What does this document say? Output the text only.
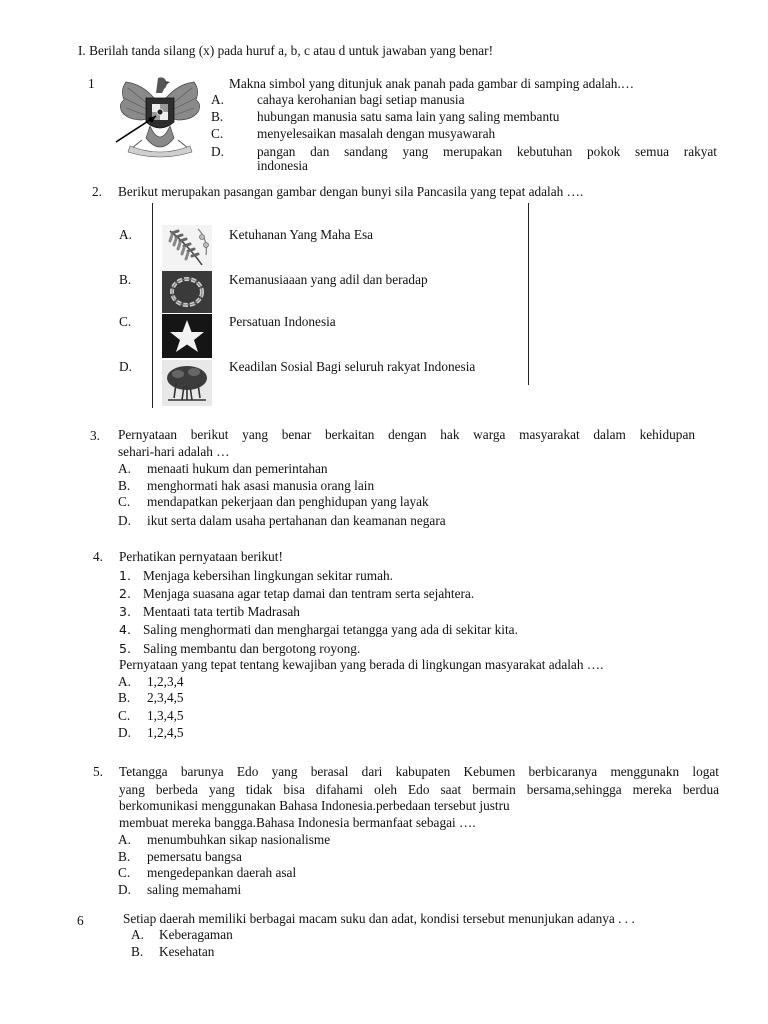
I. Berilah tanda silang (x) pada huruf a, b, c atau d untuk jawaban yang benar!
1	Makna simbol yang ditunjuk anak panah pada gambar di samping adalah.…
A. cahaya kerohanian bagi setiap manusia
B.	hubungan manusia satu sama lain yang saling membantu
C.	menyelesaikan masalah dengan musyawarah
D. pangan dan sandang yang merupakan kebutuhan pokok semua rakyat
indonesia
2. Berikut merupakan pasangan gambar dengan bunyi sila Pancasila yang tepat adalah ….
A.	Ketuhanan Yang Maha Esa
B.	Kemanusiaaan yang adil dan beradap
C.	Persatuan Indonesia
D.	Keadilan Sosial Bagi seluruh rakyat Indonesia
3. Pernyataan berikut yang benar berkaitan dengan hak warga masyarakat dalam kehidupan
sehari-hari adalah …
A. menaati hukum dan pemerintahan
B. menghormati hak asasi manusia orang lain
C. mendapatkan pekerjaan dan penghidupan yang layak
D. ikut serta dalam usaha pertahanan dan keamanan negara
4. Perhatikan pernyataan berikut!
1. Menjaga kebersihan lingkungan sekitar rumah.
2. Menjaga suasana agar tetap damai dan tentram serta sejahtera.
3. Mentaati tata tertib Madrasah
4. Saling menghormati dan menghargai tetangga yang ada di sekitar kita.
5. Saling membantu dan bergotong royong.
Pernyataan yang tepat tentang kewajiban yang berada di lingkungan masyarakat adalah ….
A. 1,2,3,4
B. 2,3,4,5
C. 1,3,4,5
D. 1,2,4,5
5. Tetangga barunya Edo yang berasal dari kabupaten Kebumen berbicaranya menggunakn logat
yang berbeda yang tidak bisa difahami oleh Edo saat bermain bersama,sehingga mereka berdua
berkomunikasi menggunakan Bahasa Indonesia.perbedaan tersebut justru
membuat mereka bangga.Bahasa Indonesia bermanfaat sebagai ….
A. menumbuhkan sikap nasionalisme
B. pemersatu bangsa
C. mengedepankan daerah asal
D. saling memahami
6	Setiap daerah memiliki berbagai macam suku dan adat, kondisi tersebut menunjukan adanya . . .
A. Keberagaman
B. Kesehatan
